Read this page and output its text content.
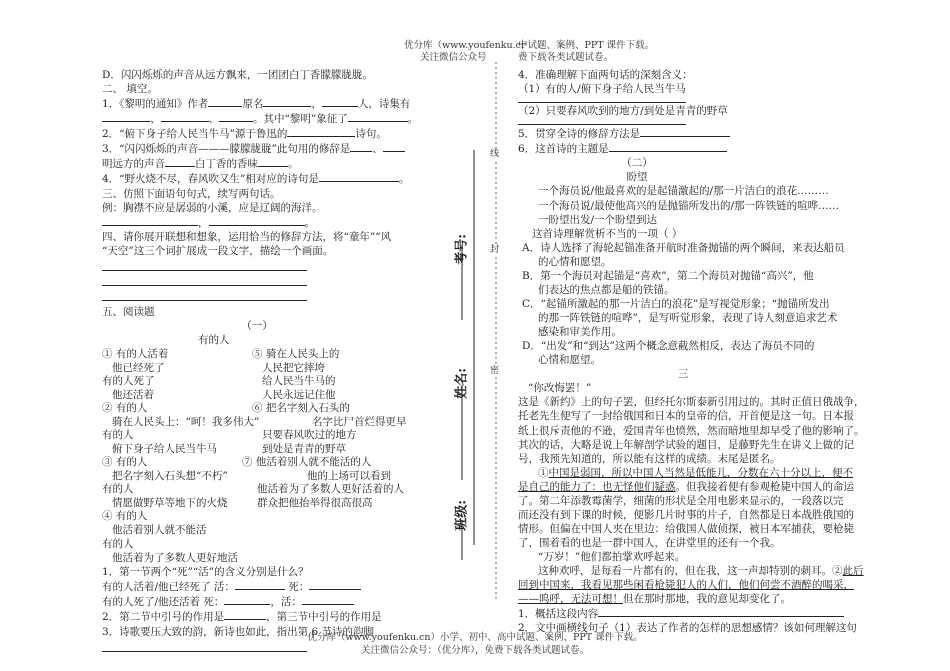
优分库（www.youfenku.cr
关注微信公众号
中试题、案例、PPT 课件下载。
费下载各类试题试卷。
考号:
姓名:
班级:
线
封
密

D．闪闪烁烁的声音从远方飘来，一团团白丁香朦朦胧胧。

二、 填空。

1．《黎明的通知》作者	原名	，	人，诗集有

、	、	。其中“黎明”象征了	。

2．“俯下身子给人民当牛马”源于鲁迅的	诗句。

3．“闪闪烁烁的声音———朦朦胧胧”此句用的修辞是 、

明远方的声音	白丁香的香味	。

4．“野火烧不尽，春风吹又生”相对应的诗句是	。

三、仿照下面语句句式，续写两句话。

例：胸襟不应是孱弱的小溪，应是辽阔的海洋。

，	。

四、请你展开联想和想象，运用恰当的修辞方法，将“童年”“风

“天空”这三个词扩展成一段文字，描绘一个画面。

五、阅读题

（一）

有的人

① 有的人活着	⑤ 骑在人民头上的
他已经死了	人民把它摔垮
有的人死了	给人民当牛马的
他还活着	人民永远记住他
② 有的人	⑥ 把名字刻入石头的
骑在人民头上：“呵！我多伟大”	名字比尸首烂得更早
有的人	只要春风吹过的地方
俯下身子给人民当牛马	到处是青青的野草
③ 有的人	⑦ 他活着别人就不能活的人
把名字刻入石头想“不朽”	他的上场可以看到
有的人	他活着为了多数人更好活着的人
情愿做野草等地下的火烧	群众把他抬举得很高很高

④ 有的人

他活着别人就不能活

有的人

他活着为了多数人更好地活

1．第一节两个“死”“活”的含义分别是什么？

有的人活着/他已经死了 活：	死：

有的人死了/他还活着 死：	，活：

2．第二节中引号的作用是	，第三节中引号的作用是

3．诗歌要压大致的韵，新诗也如此，指出第 6 节诗的韵脚

4．准确理解下面两句话的深刻含义：

（1）有的人/俯下身子给人民当牛马

（2）只要春风吹到的地方/到处是青青的野草

5．贯穿全诗的修辞方法是

6．这首诗的主题是

（二）

盼望

一个海员说/他最喜欢的是起锚激起的/那一片洁白的浪花………

一个海员说/最使他高兴的是抛锚所发出的/那一阵铁链的喧哗……

一盼望出发/一个盼望到达

这首诗理解赏析不当的一项（ ）

A．诗人选择了海轮起锚准备开航时准备抛锚的两个瞬间，来表达船员

的心情和愿望。

B．第一个海员对起锚是“喜欢”，第二个海员对抛锚“高兴”，他

们表达的焦点都是船的铁锚。

C．“起锚所激起的那一片洁白的浪花”是写视觉形象；“抛锚所发出

的那一阵铁链的喧哗”，是写听觉形象，表现了诗人刻意追求艺术

感染和审美作用。

D．“出发”和“到达”这两个概念意截然相反，表达了海员不同的

心情和愿望。

三

“你改悔罢！”

这是《新约》上的句子罢，但经托尔斯泰新引用过的。其时正值日俄战争，

托老先生便写了一封给俄国和日本的皇帝的信，开首便是这一句。日本报

纸上很斥责他的不逊，爱国青年也愤然，然而暗地里却早受了他的影响了。

其次的话，大略是说上年解剖学试验的题目，是藤野先生在讲义上做的记

号，我预先知道的，所以能有这样的成绩。末尾是匿名。

①中国是弱国，所以中国人当然是低能儿，分数在六十分以上，便不

是自己的能力了：也无怪他们疑惑。但我接着便有参观枪毙中国人的命运

了。第二年添教霉菌学，细菌的形状是全用电影来显示的，一段落以完

而还没有到下课的时候，便影几片时事的片子，自然都是日本战胜俄国的

情形。但偏在中国人夹在里边：给俄国人做侦探，被日本军捕获，要枪毙

了，围着看的也是一群中国人，在讲堂里的还有一个我。

“万岁！”他们都拍掌欢呼起来。

这种欢呼，是每看一片都有的，但在我，这一声却特别的刺耳。②此后

回到中国来，我看见那些闲看枪毙犯人的人们，他们何尝不酒醉的喝采，

——呜呼，无法可想！但在那时那地，我的意见却变化了。

1．概括这段内容

2．文中画横线句子（1）表达了作者的怎样的思想感情？该如何理解这句

优分库（www.youfenku.cn）小学、初中、高中试题、案例、PPT 课件下载。
关注微信公众号：（优分库），免费下载各类试题试卷。
